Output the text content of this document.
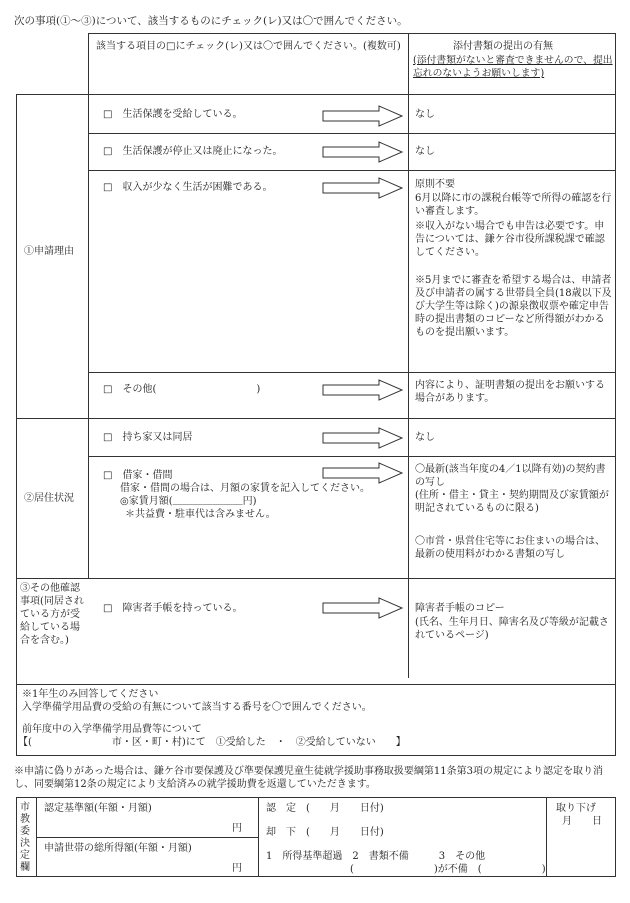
次の事項(①～③)について、該当するものにチェック(レ)又は〇で囲んでください。
該当する項目の□にチェック(レ)又は〇で囲んでください。(複数可)	添付書類の提出の有無
(添付書類がないと審査できませんので、提出忘れのないようお願いします)
①申請理由
②居住状況
③その他確認事項(同居されている方が受給している場合を含む。)
□　生活保護を受給している。
□　生活保護が停止又は廃止になった。
□　収入が少なく生活が困難である。
□　その他(　　　　　　　　　　)
□　持ち家又は同居
□　借家・借間
借家・借間の場合は、月額の家賃を記入してください。
◎家賃月額(＿＿＿＿＿＿＿円)
＊共益費・駐車代は含みません。
□　障害者手帳を持っている。
なし
なし
原則不要
6月以降に市の課税台帳等で所得の確認を行い審査します。
※収入がない場合でも申告は必要です。申告については、鎌ケ谷市役所課税課で確認してください。
※5月までに審査を希望する場合は、申請者及び申請者の属する世帯員全員(18歳以下及び大学生等は除く)の源泉徴収票や確定申告時の提出書類のコピーなど所得額がわかるものを提出願います。
内容により、証明書類の提出をお願いする場合があります。
なし
〇最新(該当年度の4／1以降有効)の契約書の写し
(住所・借主・貸主・契約期間及び家賃額が明記されているものに限る)
〇市営・県営住宅等にお住まいの場合は、最新の使用料がわかる書類の写し
障害者手帳のコピー
(氏名、生年月日、障害名及び等級が記載されているページ)
※1年生のみ回答してください
入学準備学用品費の受給の有無について該当する番号を〇で囲んでください。
前年度中の入学準備学用品費等について
【(　　　　　　　　市・区・町・村)にて　①受給した　・　②受給していない　　】
※申請に偽りがあった場合は、鎌ケ谷市要保護及び準要保護児童生徒就学援助事務取扱要綱第11条第3項の規定により認定を取り消し、同要綱第12条の規定により支給済みの就学援助費を返還していただきます。
市教委決定欄
認定基準額(年額・月額)
円
申請世帯の総所得額(年額・月額)
円
認　定　(　　月　　日付)
却　下　(　　月　　日付)
1　所得基準超過　2　書類不備　　　3　その他
(　　　　　　　　)が不備　(　　　　　　)
取り下げ
月　　日
